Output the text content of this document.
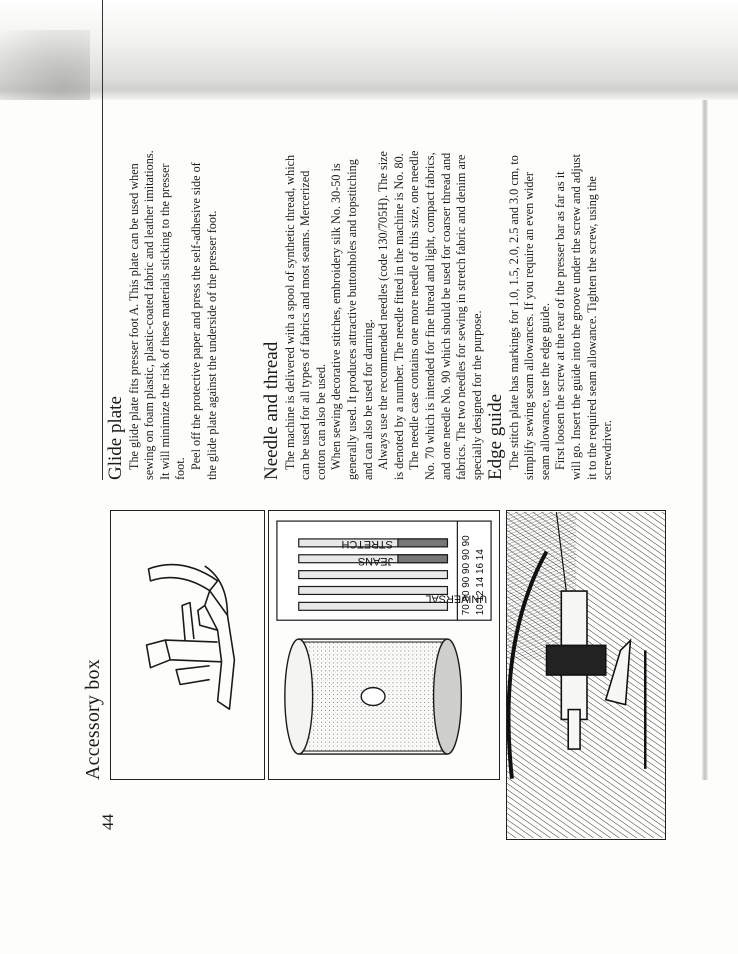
Accessory box
44
UNIVERSAL
JEANS
STRETCH	70 80 90 90 90 90 10 12 14 16 14
Glide plate The glide plate fits presser foot A. This plate can be used when sewing on foam plastic, plastic-coated fabric and leather imitations. It will minimize the risk of these materials sticking to the presser foot. Peel off the protective paper and press the self-adhesive side of the glide plate against the underside of the presser foot. Needle and thread The machine is delivered with a spool of synthetic thread, which can be used for all types of fabrics and most seams. Mercerized cotton can also be used. When sewing decorative stitches, embroidery silk No. 30-50 is generally used. It produces attractive buttonholes and topstitching and can also be used for darning. Always use the recommended needles (code 130/705H). The size is denoted by a number. The needle fitted in the machine is No. 80. The needle case contains one more needle of this size, one needle No. 70 which is intended for fine thread and light, compact fabrics, and one needle No. 90 which should be used for coarser thread and fabrics. The two needles for sewing in stretch fabric and denim are specially designed for the purpose. Edge guide The stitch plate has markings for 1.0, 1.5, 2.0, 2.5 and 3.0 cm, to simplify sewing seam allowances. If you require an even wider seam allowance, use the edge guide. First loosen the screw at the rear of the presser bar as far as it will go. Insert the guide into the groove under the screw and adjust it to the required seam allowance. Tighten the screw, using the screwdriver.
